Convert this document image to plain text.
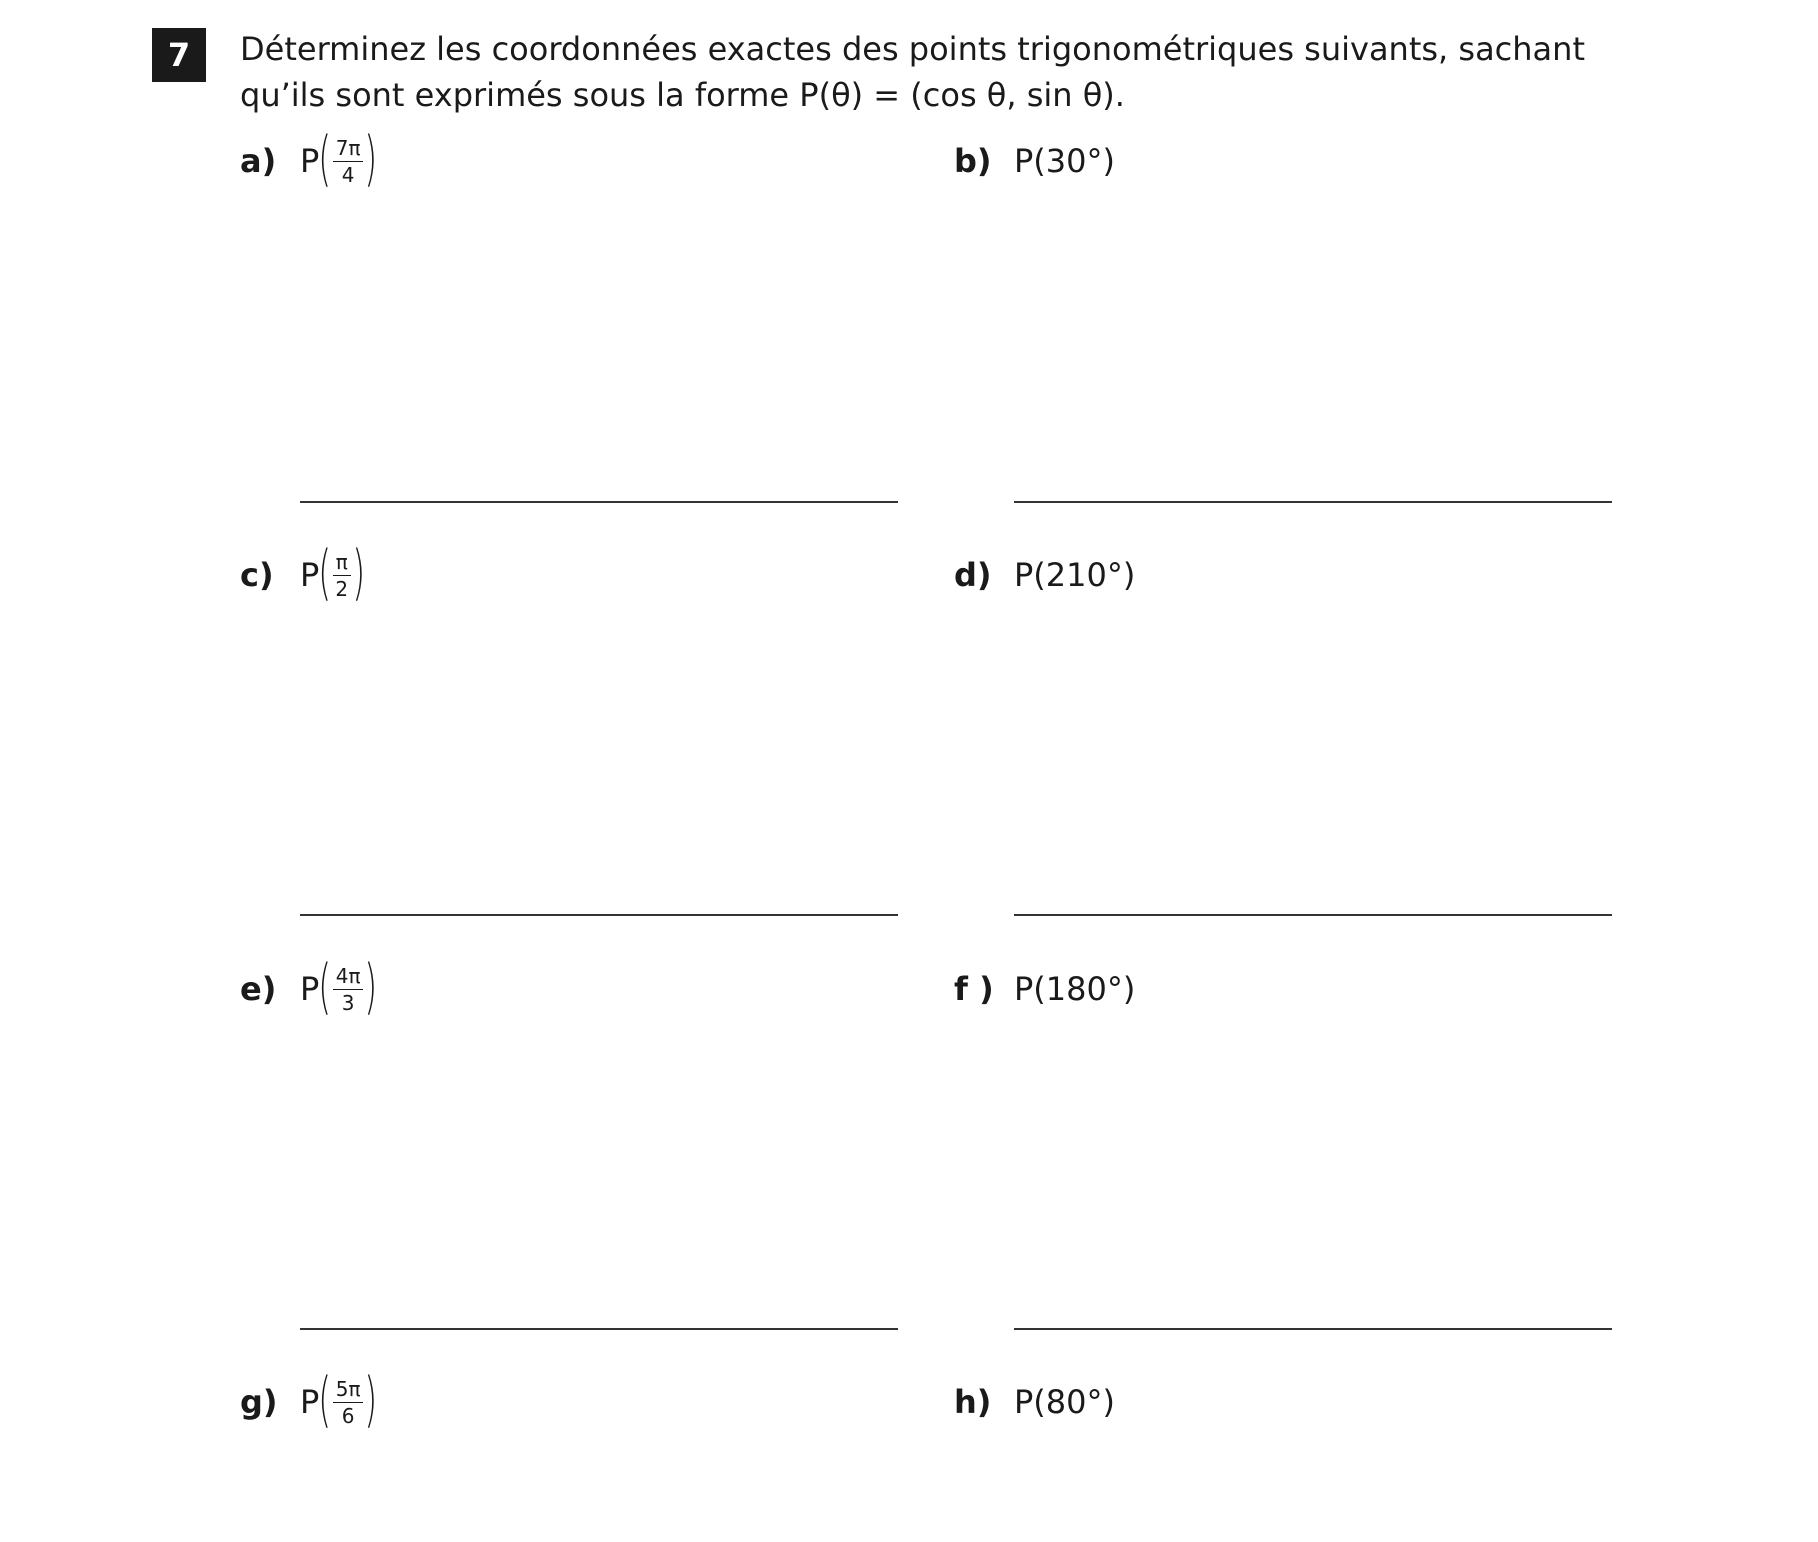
7	Déterminez les coordonnées exactes des points trigonométriques suivants, sachant qu’ils sont exprimés sous la forme P(θ) = (cos θ, sin θ).
a) P ( $\frac{7\pi}{4}$ )	b) P(30°)
c) P ( $\frac{\pi}{2}$ )	d) P(210°)
e) P ( $\frac{4\pi}{3}$ )	f ) P(180°)
g) P ( $\frac{5\pi}{6}$ )	h) P(80°)
